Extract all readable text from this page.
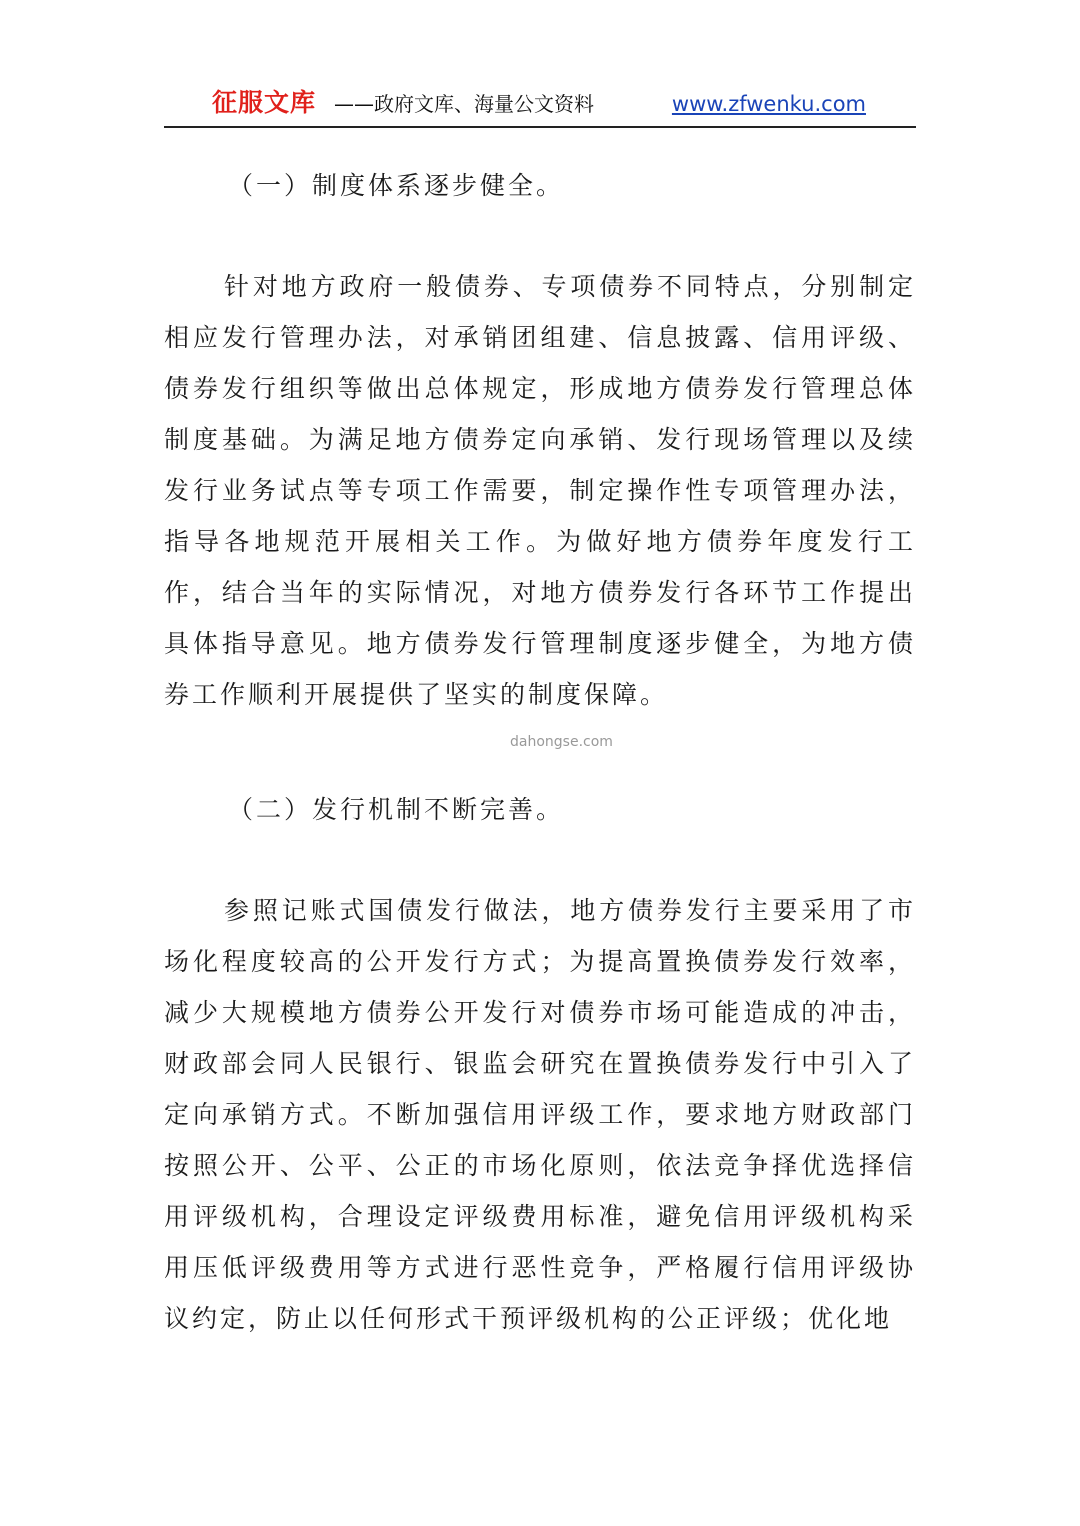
征服文库 ——政府文库、海量公文资料	www.zfwenku.com

（一）制度体系逐步健全。

针对地方政府一般债券、专项债券不同特点，分别制定相应发行管理办法，对承销团组建、信息披露、信用评级、债券发行组织等做出总体规定，形成地方债券发行管理总体制度基础。为满足地方债券定向承销、发行现场管理以及续发行业务试点等专项工作需要，制定操作性专项管理办法，指导各地规范开展相关工作。为做好地方债券年度发行工作，结合当年的实际情况，对地方债券发行各环节工作提出具体指导意见。地方债券发行管理制度逐步健全，为地方债券工作顺利开展提供了坚实的制度保障。

（二）发行机制不断完善。

参照记账式国债发行做法，地方债券发行主要采用了市场化程度较高的公开发行方式；为提高置换债券发行效率，减少大规模地方债券公开发行对债券市场可能造成的冲击，财政部会同人民银行、银监会研究在置换债券发行中引入了定向承销方式。不断加强信用评级工作，要求地方财政部门按照公开、公平、公正的市场化原则，依法竞争择优选择信用评级机构，合理设定评级费用标准，避免信用评级机构采用压低评级费用等方式进行恶性竞争，严格履行信用评级协议约定，防止以任何形式干预评级机构的公正评级；优化地

dahongse.com
